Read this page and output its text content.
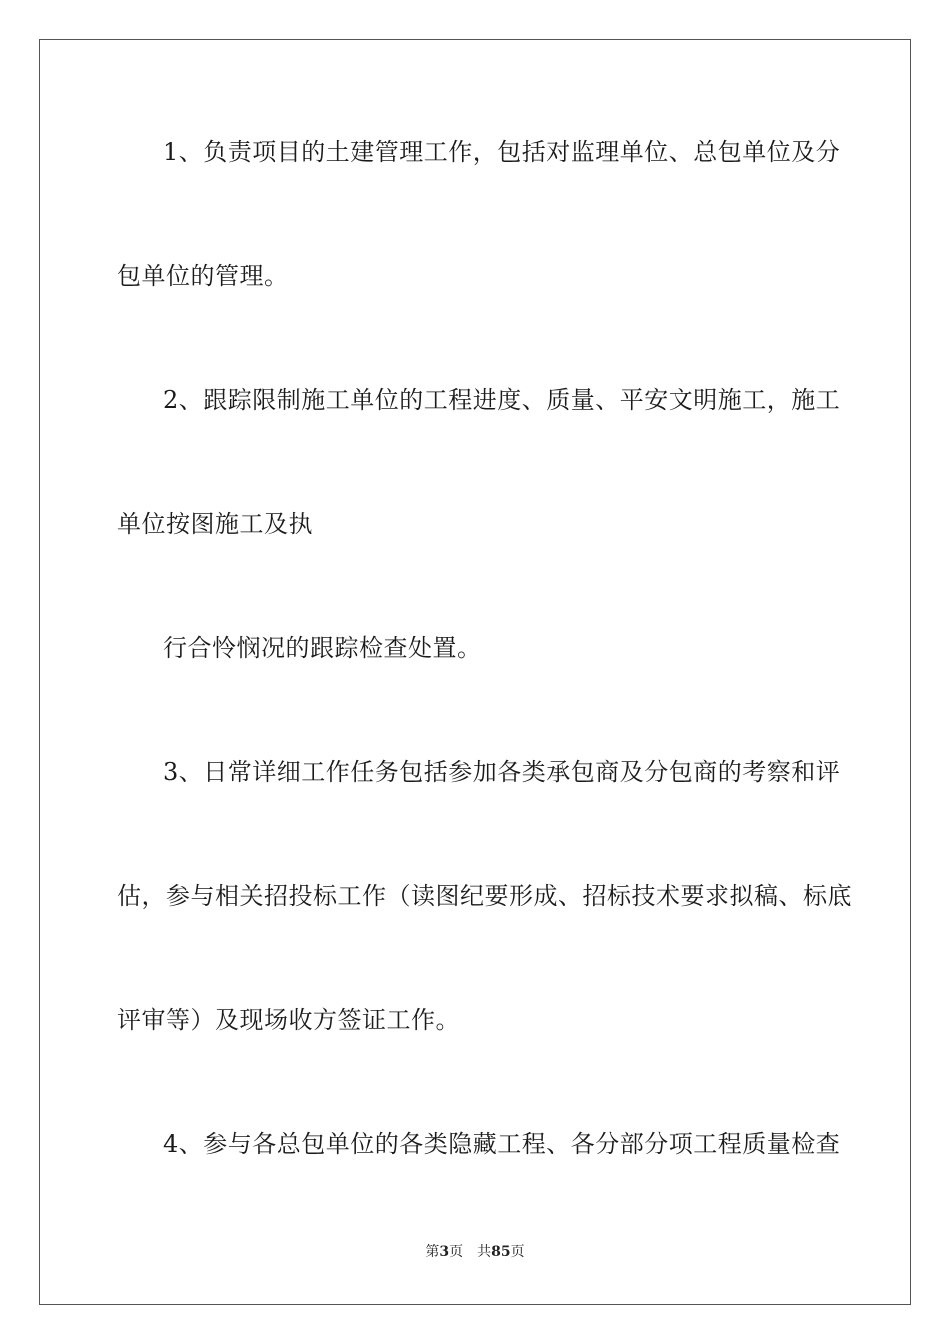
1、负责项目的土建管理工作，包括对监理单位、总包单位及分
包单位的管理。
2、跟踪限制施工单位的工程进度、质量、平安文明施工，施工
单位按图施工及执
行合怜悯况的跟踪检查处置。
3、日常详细工作任务包括参加各类承包商及分包商的考察和评
估，参与相关招投标工作（读图纪要形成、招标技术要求拟稿、标底
评审等）及现场收方签证工作。
4、参与各总包单位的各类隐藏工程、各分部分项工程质量检查
第3页 共85页
